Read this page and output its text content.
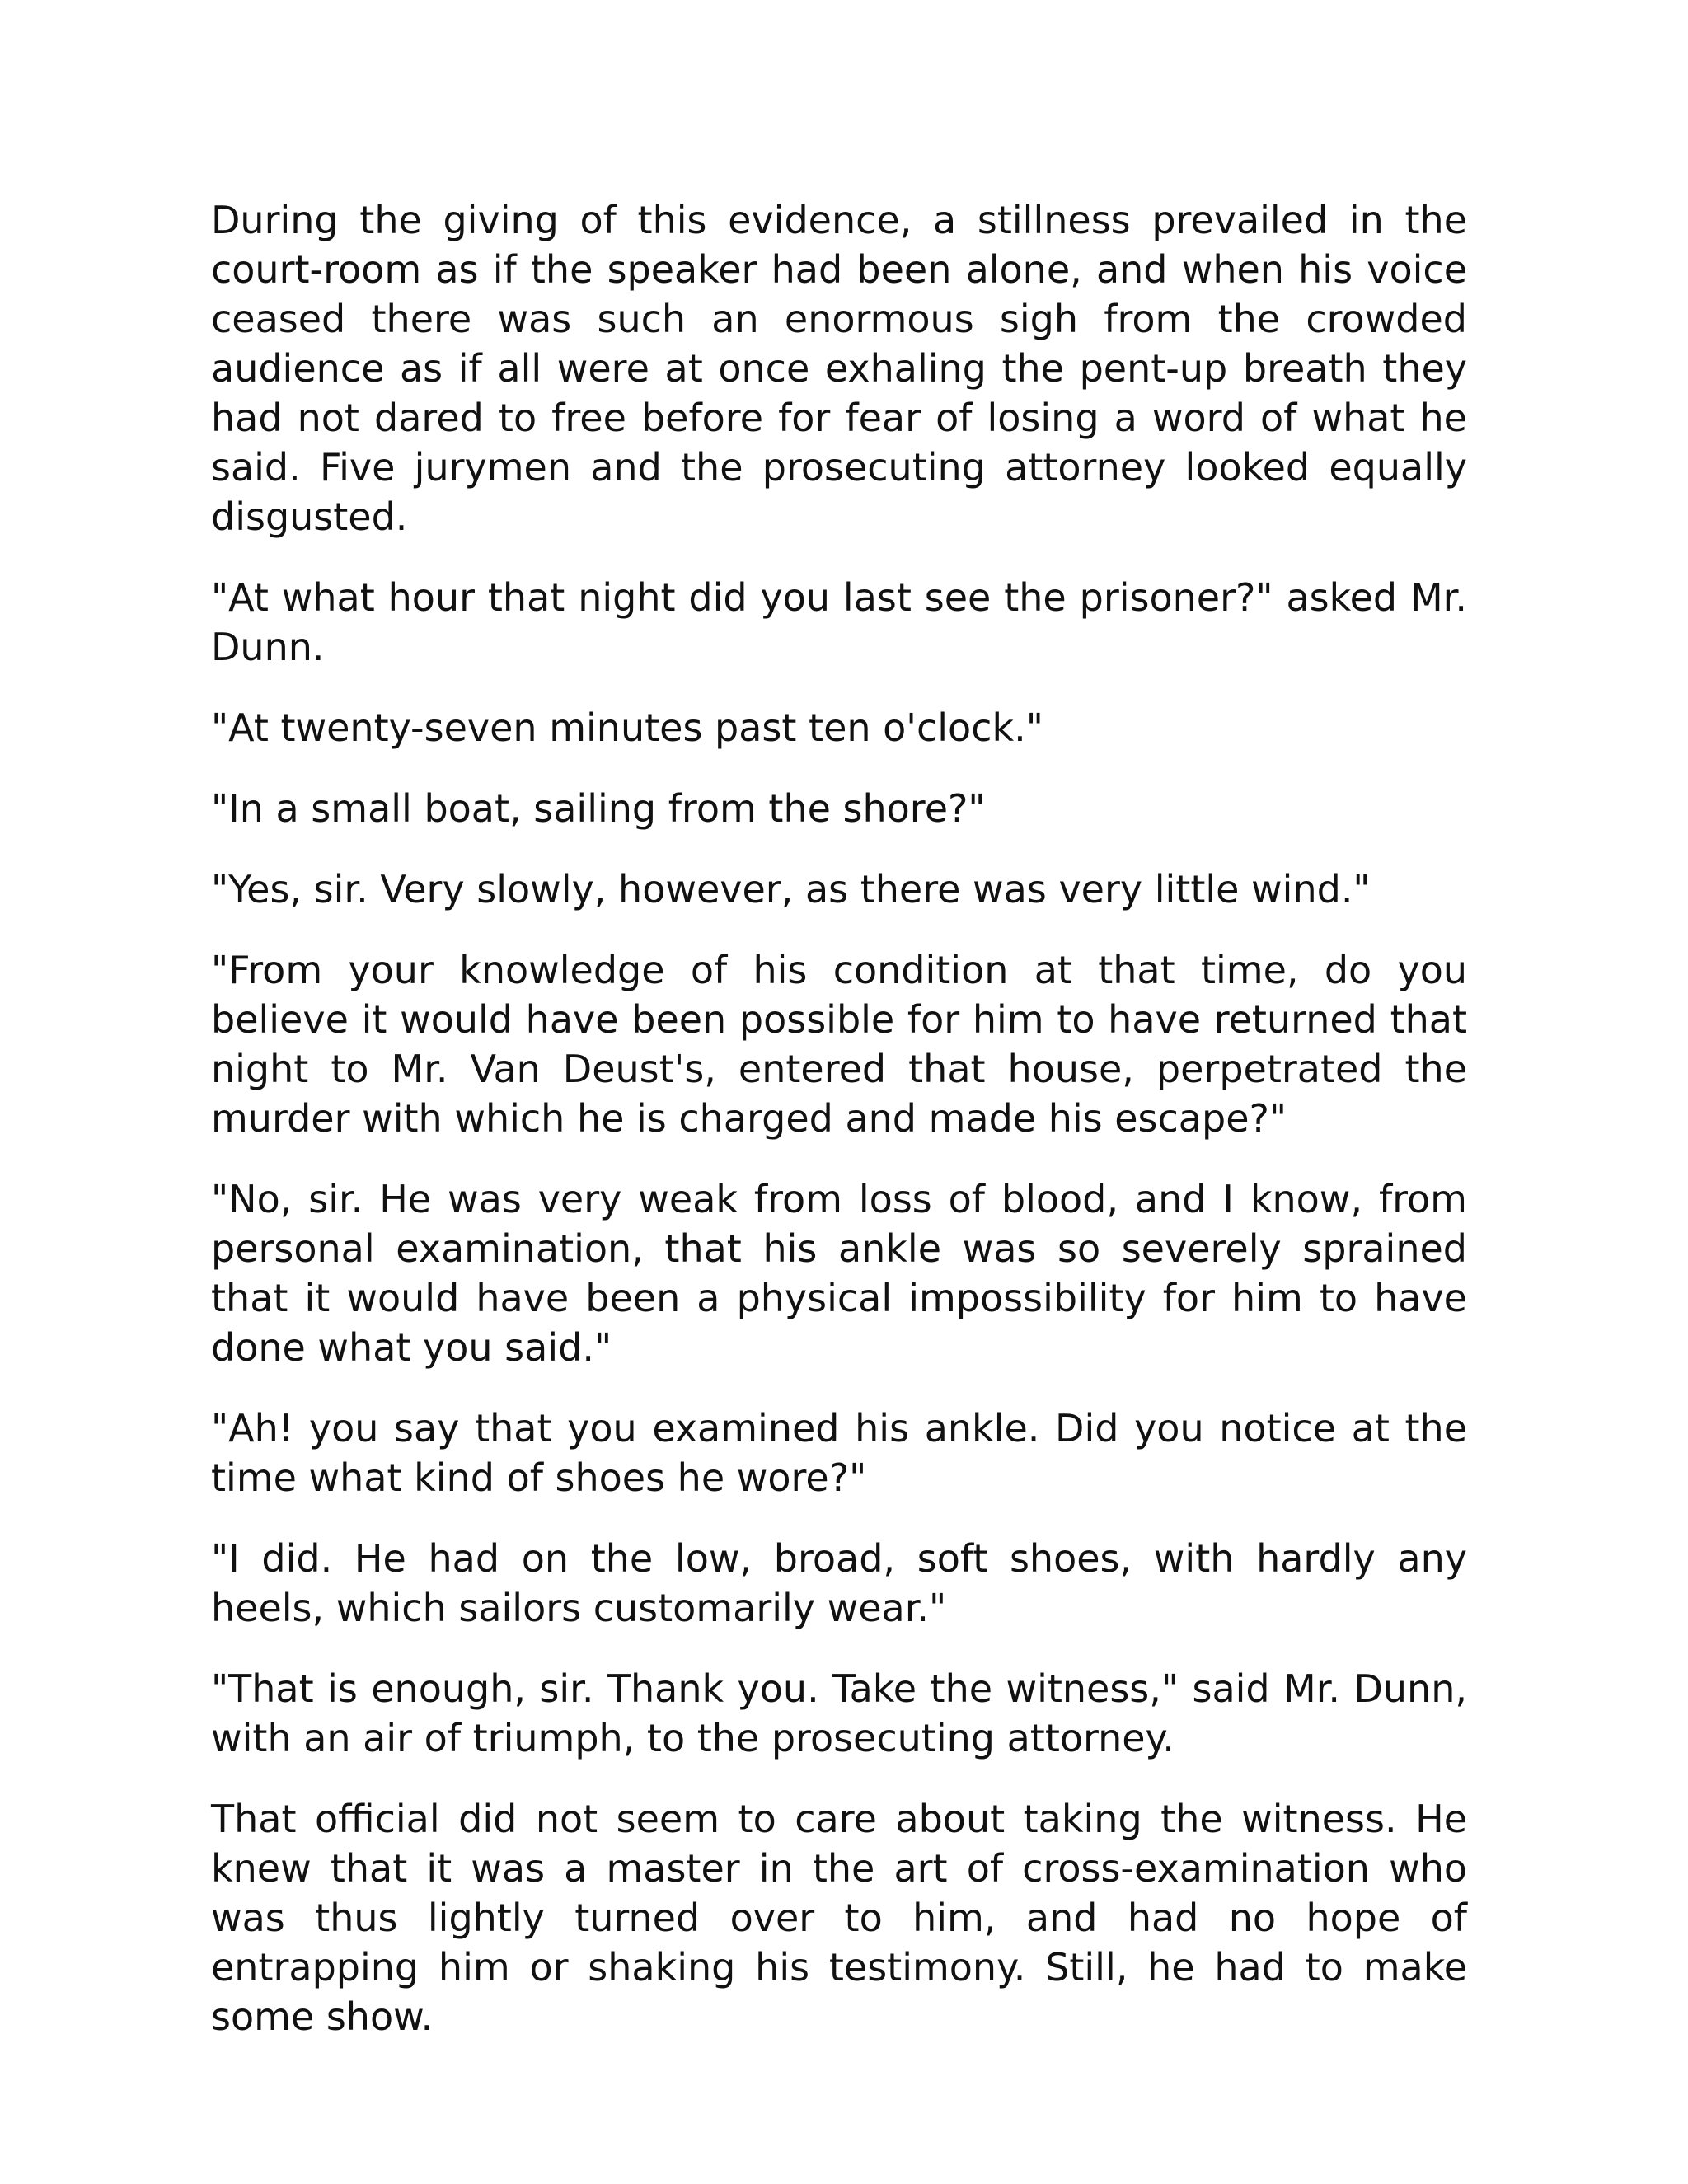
During the giving of this evidence, a stillness prevailed in the court-room as if the speaker had been alone, and when his voice ceased there was such an enormous sigh from the crowded audience as if all were at once exhaling the pent-up breath they had not dared to free before for fear of losing a word of what he said. Five jurymen and the prosecuting attorney looked equally disgusted.

"At what hour that night did you last see the prisoner?" asked Mr. Dunn.

"At twenty-seven minutes past ten o'clock."

"In a small boat, sailing from the shore?"

"Yes, sir. Very slowly, however, as there was very little wind."

"From your knowledge of his condition at that time, do you believe it would have been possible for him to have returned that night to Mr. Van Deust's, entered that house, perpetrated the murder with which he is charged and made his escape?"

"No, sir. He was very weak from loss of blood, and I know, from personal examination, that his ankle was so severely sprained that it would have been a physical impossibility for him to have done what you said."

"Ah! you say that you examined his ankle. Did you notice at the time what kind of shoes he wore?"

"I did. He had on the low, broad, soft shoes, with hardly any heels, which sailors customarily wear."

"That is enough, sir. Thank you. Take the witness," said Mr. Dunn, with an air of triumph, to the prosecuting attorney.

That official did not seem to care about taking the witness. He knew that it was a master in the art of cross-examination who was thus lightly turned over to him, and had no hope of entrapping him or shaking his testimony. Still, he had to make some show.
